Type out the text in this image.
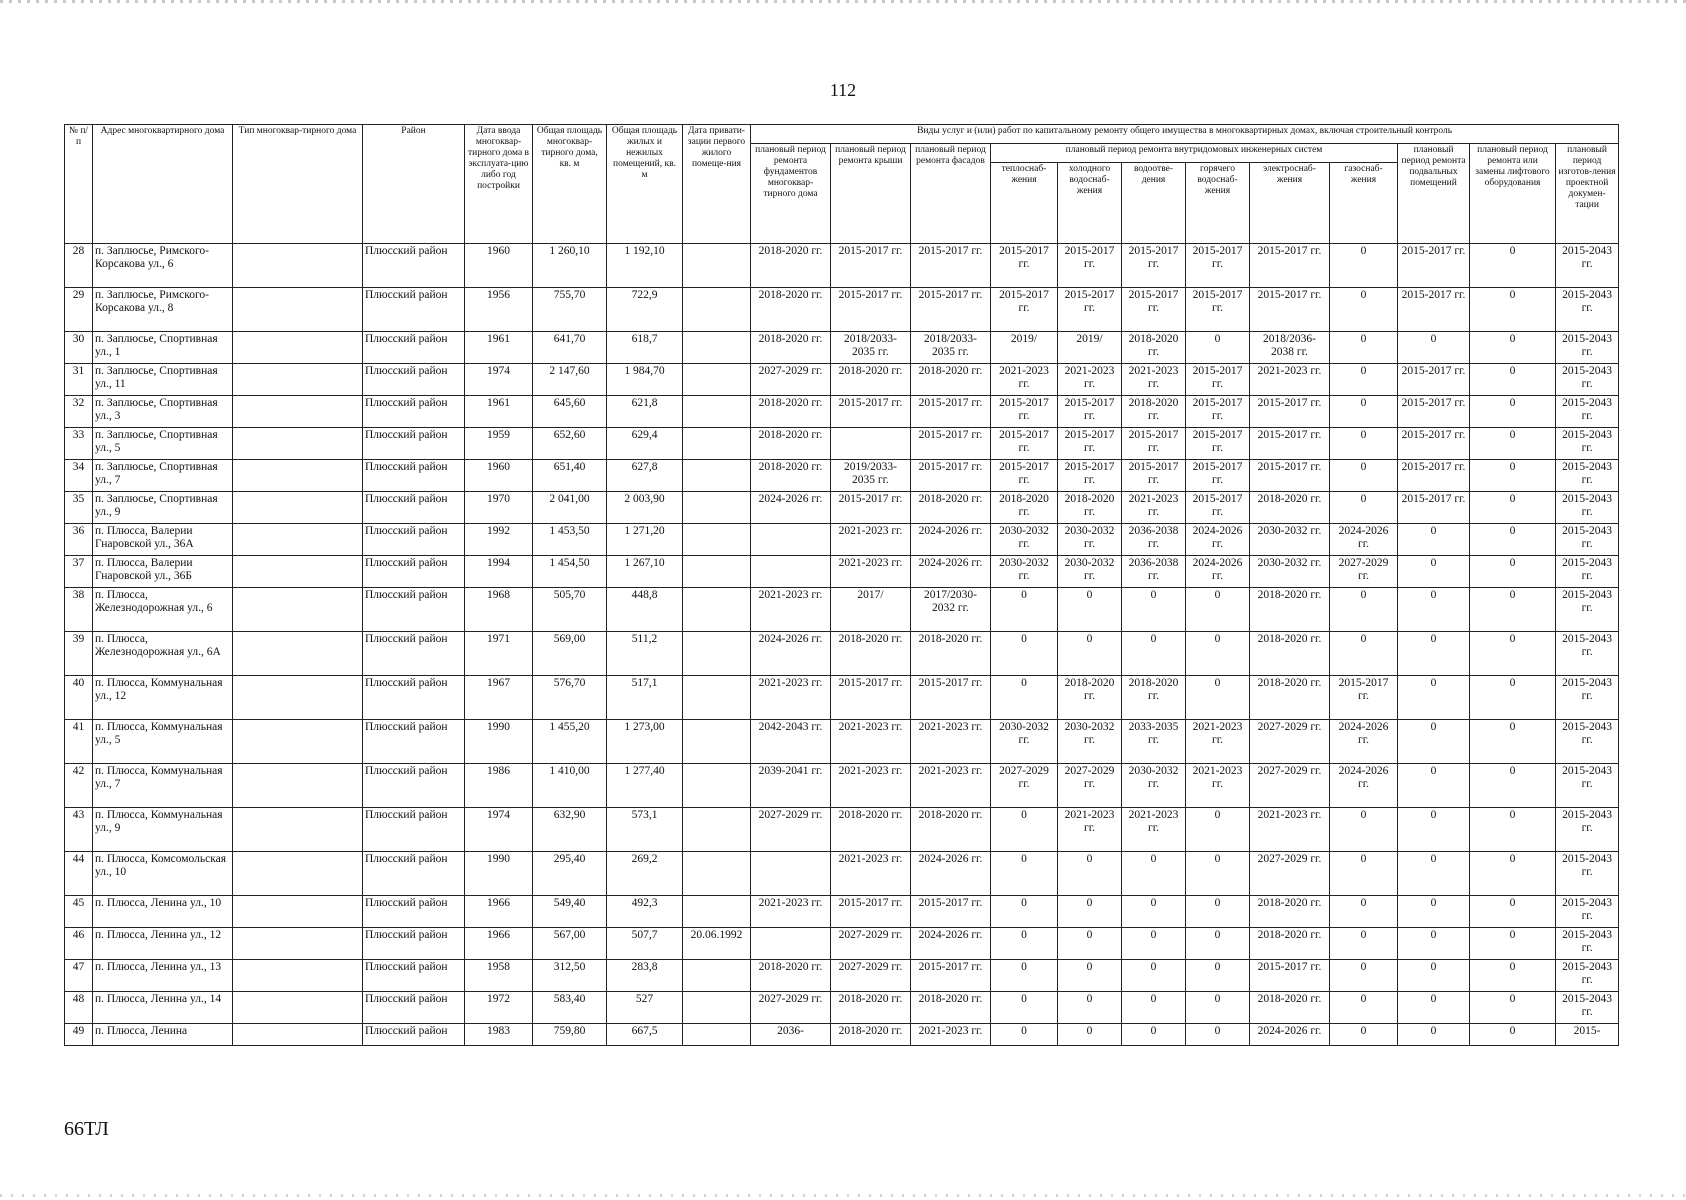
112
№ п/п	Адрес многоквартирного дома	Тип многоквар-тирного дома	Район	Дата ввода многоквар-тирного дома в эксплуата-цию либо год постройки	Общая площадь многоквар-тирного дома, кв. м	Общая площадь жилых и нежилых помещений, кв. м	Дата привати-зации первого жилого помеще-ния	Виды услуг и (или) работ по капитальному ремонту общего имущества в многоквартирных домах, включая строительный контроль											
								плановый период ремонта фундаментов многоквар-тирного дома	плановый период ремонта крыши	плановый период ремонта фасадов	плановый период ремонта внутридомовых инженерных систем						плановый период ремонта подвальных помещений	плановый период ремонта или замены лифтового оборудования	плановый период изготов-ления проектной докумен-тации
											теплоснаб-жения	холодного водоснаб-жения	водоотве-дения	горячего водоснаб-жения	электроснаб-жения	газоснаб-жения			
28	п. Заплюсье, Римского-Корсакова ул., 6		Плюсский район	1960	1 260,10	1 192,10		2018-2020 гг.	2015-2017 гг.	2015-2017 гг.	2015-2017 гг.	2015-2017 гг.	2015-2017 гг.	2015-2017 гг.	2015-2017 гг.	0	2015-2017 гг.	0	2015-2043 гг.
29	п. Заплюсье, Римского-Корсакова ул., 8		Плюсский район	1956	755,70	722,9		2018-2020 гг.	2015-2017 гг.	2015-2017 гг.	2015-2017 гг.	2015-2017 гг.	2015-2017 гг.	2015-2017 гг.	2015-2017 гг.	0	2015-2017 гг.	0	2015-2043 гг.
30	п. Заплюсье, Спортивная ул., 1		Плюсский район	1961	641,70	618,7		2018-2020 гг.	2018/2033-2035 гг.	2018/2033-2035 гг.	2019/	2019/	2018-2020 гг.	0	2018/2036-2038 гг.	0	0	0	2015-2043 гг.
31	п. Заплюсье, Спортивная ул., 11		Плюсский район	1974	2 147,60	1 984,70		2027-2029 гг.	2018-2020 гг.	2018-2020 гг.	2021-2023 гг.	2021-2023 гг.	2021-2023 гг.	2015-2017 гг.	2021-2023 гг.	0	2015-2017 гг.	0	2015-2043 гг.
32	п. Заплюсье, Спортивная ул., 3		Плюсский район	1961	645,60	621,8		2018-2020 гг.	2015-2017 гг.	2015-2017 гг.	2015-2017 гг.	2015-2017 гг.	2018-2020 гг.	2015-2017 гг.	2015-2017 гг.	0	2015-2017 гг.	0	2015-2043 гг.
33	п. Заплюсье, Спортивная ул., 5		Плюсский район	1959	652,60	629,4		2018-2020 гг.		2015-2017 гг.	2015-2017 гг.	2015-2017 гг.	2015-2017 гг.	2015-2017 гг.	2015-2017 гг.	0	2015-2017 гг.	0	2015-2043 гг.
34	п. Заплюсье, Спортивная ул., 7		Плюсский район	1960	651,40	627,8		2018-2020 гг.	2019/2033-2035 гг.	2015-2017 гг.	2015-2017 гг.	2015-2017 гг.	2015-2017 гг.	2015-2017 гг.	2015-2017 гг.	0	2015-2017 гг.	0	2015-2043 гг.
35	п. Заплюсье, Спортивная ул., 9		Плюсский район	1970	2 041,00	2 003,90		2024-2026 гг.	2015-2017 гг.	2018-2020 гг.	2018-2020 гг.	2018-2020 гг.	2021-2023 гг.	2015-2017 гг.	2018-2020 гг.	0	2015-2017 гг.	0	2015-2043 гг.
36	п. Плюсса, Валерии Гнаровской ул., 36А		Плюсский район	1992	1 453,50	1 271,20			2021-2023 гг.	2024-2026 гг.	2030-2032 гг.	2030-2032 гг.	2036-2038 гг.	2024-2026 гг.	2030-2032 гг.	2024-2026 гг.	0	0	2015-2043 гг.
37	п. Плюсса, Валерии Гнаровской ул., 36Б		Плюсский район	1994	1 454,50	1 267,10			2021-2023 гг.	2024-2026 гг.	2030-2032 гг.	2030-2032 гг.	2036-2038 гг.	2024-2026 гг.	2030-2032 гг.	2027-2029 гг.	0	0	2015-2043 гг.
38	п. Плюсса, Железнодорожная ул., 6		Плюсский район	1968	505,70	448,8		2021-2023 гг.	2017/	2017/2030-2032 гг.	0	0	0	0	2018-2020 гг.	0	0	0	2015-2043 гг.
39	п. Плюсса, Железнодорожная ул., 6А		Плюсский район	1971	569,00	511,2		2024-2026 гг.	2018-2020 гг.	2018-2020 гг.	0	0	0	0	2018-2020 гг.	0	0	0	2015-2043 гг.
40	п. Плюсса, Коммунальная ул., 12		Плюсский район	1967	576,70	517,1		2021-2023 гг.	2015-2017 гг.	2015-2017 гг.	0	2018-2020 гг.	2018-2020 гг.	0	2018-2020 гг.	2015-2017 гг.	0	0	2015-2043 гг.
41	п. Плюсса, Коммунальная ул., 5		Плюсский район	1990	1 455,20	1 273,00		2042-2043 гг.	2021-2023 гг.	2021-2023 гг.	2030-2032 гг.	2030-2032 гг.	2033-2035 гг.	2021-2023 гг.	2027-2029 гг.	2024-2026 гг.	0	0	2015-2043 гг.
42	п. Плюсса, Коммунальная ул., 7		Плюсский район	1986	1 410,00	1 277,40		2039-2041 гг.	2021-2023 гг.	2021-2023 гг.	2027-2029 гг.	2027-2029 гг.	2030-2032 гг.	2021-2023 гг.	2027-2029 гг.	2024-2026 гг.	0	0	2015-2043 гг.
43	п. Плюсса, Коммунальная ул., 9		Плюсский район	1974	632,90	573,1		2027-2029 гг.	2018-2020 гг.	2018-2020 гг.	0	2021-2023 гг.	2021-2023 гг.	0	2021-2023 гг.	0	0	0	2015-2043 гг.
44	п. Плюсса, Комсомольская ул., 10		Плюсский район	1990	295,40	269,2			2021-2023 гг.	2024-2026 гг.	0	0	0	0	2027-2029 гг.	0	0	0	2015-2043 гг.
45	п. Плюсса, Ленина ул., 10		Плюсский район	1966	549,40	492,3		2021-2023 гг.	2015-2017 гг.	2015-2017 гг.	0	0	0	0	2018-2020 гг.	0	0	0	2015-2043 гг.
46	п. Плюсса, Ленина ул., 12		Плюсский район	1966	567,00	507,7	20.06.1992		2027-2029 гг.	2024-2026 гг.	0	0	0	0	2018-2020 гг.	0	0	0	2015-2043 гг.
47	п. Плюсса, Ленина ул., 13		Плюсский район	1958	312,50	283,8		2018-2020 гг.	2027-2029 гг.	2015-2017 гг.	0	0	0	0	2015-2017 гг.	0	0	0	2015-2043 гг.
48	п. Плюсса, Ленина ул., 14		Плюсский район	1972	583,40	527		2027-2029 гг.	2018-2020 гг.	2018-2020 гг.	0	0	0	0	2018-2020 гг.	0	0	0	2015-2043 гг.
49	п. Плюсса, Ленина		Плюсский район	1983	759,80	667,5		2036-	2018-2020 гг.	2021-2023 гг.	0	0	0	0	2024-2026 гг.	0	0	0	2015-
66ТЛ
